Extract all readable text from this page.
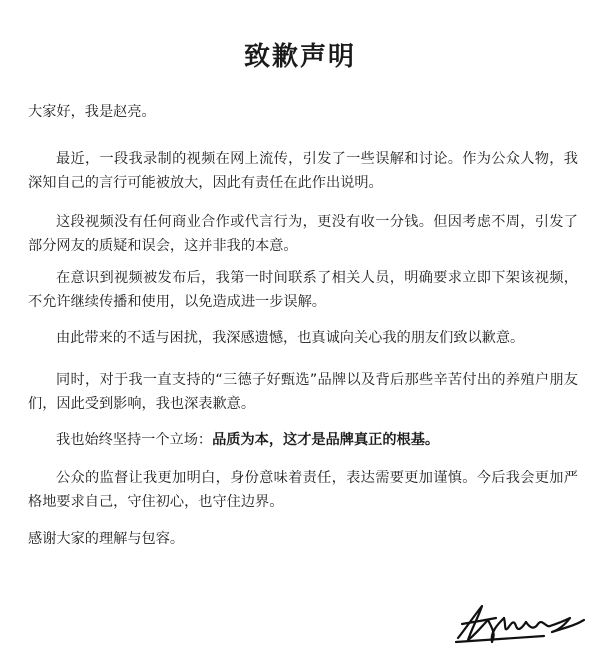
致歉声明

大家好，我是赵亮。

最近，一段我录制的视频在网上流传，引发了一些误解和讨论。作为公众人物，我深知自己的言行可能被放大，因此有责任在此作出说明。

这段视频没有任何商业合作或代言行为，更没有收一分钱。但因考虑不周，引发了部分网友的质疑和误会，这并非我的本意。

在意识到视频被发布后，我第一时间联系了相关人员，明确要求立即下架该视频，不允许继续传播和使用，以免造成进一步误解。

由此带来的不适与困扰，我深感遗憾，也真诚向关心我的朋友们致以歉意。

同时，对于我一直支持的“三德子好甄选”品牌以及背后那些辛苦付出的养殖户朋友们，因此受到影响，我也深表歉意。

我也始终坚持一个立场：品质为本，这才是品牌真正的根基。

公众的监督让我更加明白，身份意味着责任，表达需要更加谨慎。今后我会更加严格地要求自己，守住初心，也守住边界。

感谢大家的理解与包容。
